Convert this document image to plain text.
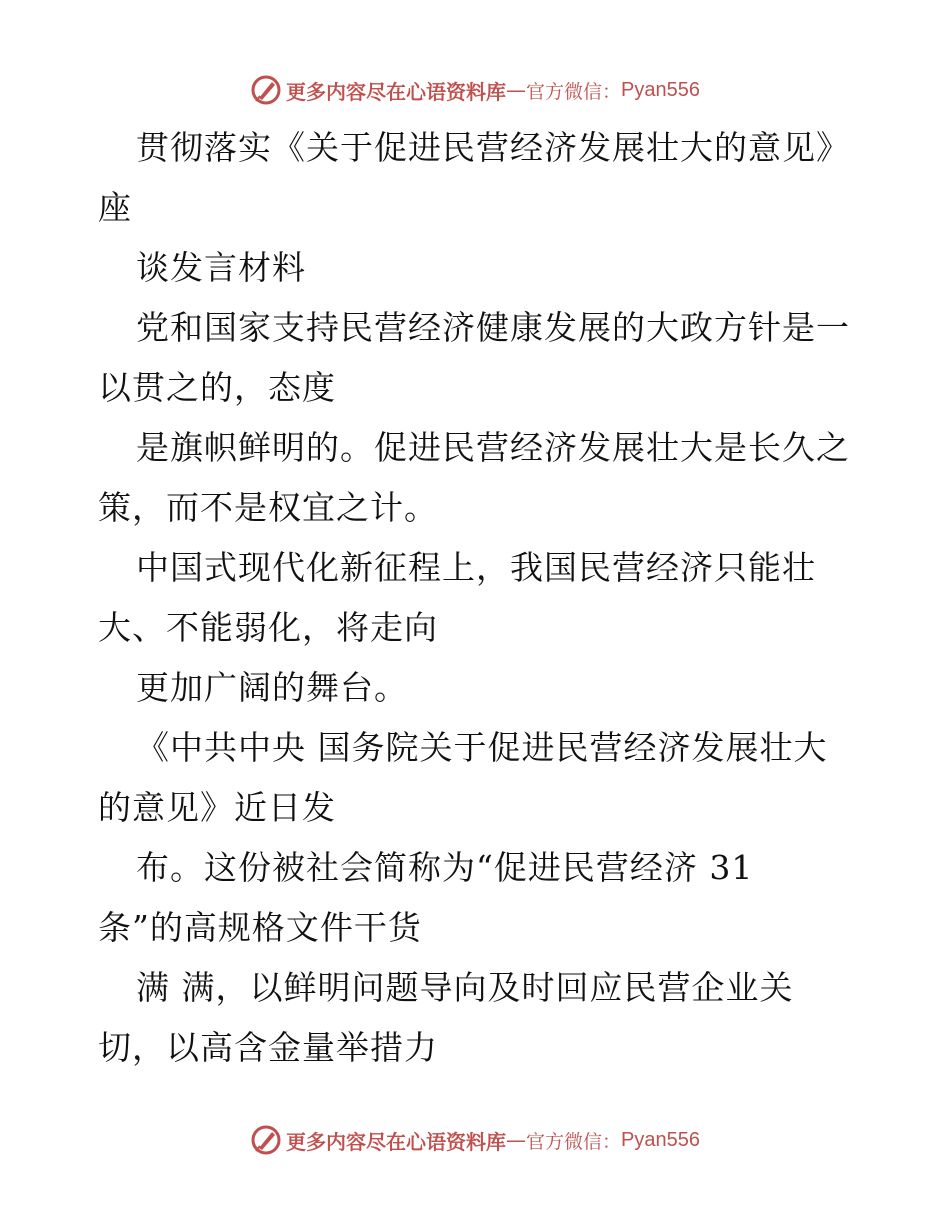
更多内容尽在心语资料库 — 官方微信： Pyan556
贯彻落实《关于促进民营经济发展壮大的意见》
座
谈发言材料
党和国家支持民营经济健康发展的大政方针是一
以贯之的，态度
是旗帜鲜明的。促进民营经济发展壮大是长久之
策，而不是权宜之计。
中国式现代化新征程上，我国民营经济只能壮
大、不能弱化，将走向
更加广阔的舞台。
《中共中央 国务院关于促进民营经济发展壮大
的意见》近日发
布。这份被社会简称为“促进民营经济 31
条”的高规格文件干货
满 满，以鲜明问题导向及时回应民营企业关
切，以高含金量举措力
更多内容尽在心语资料库 — 官方微信： Pyan556
